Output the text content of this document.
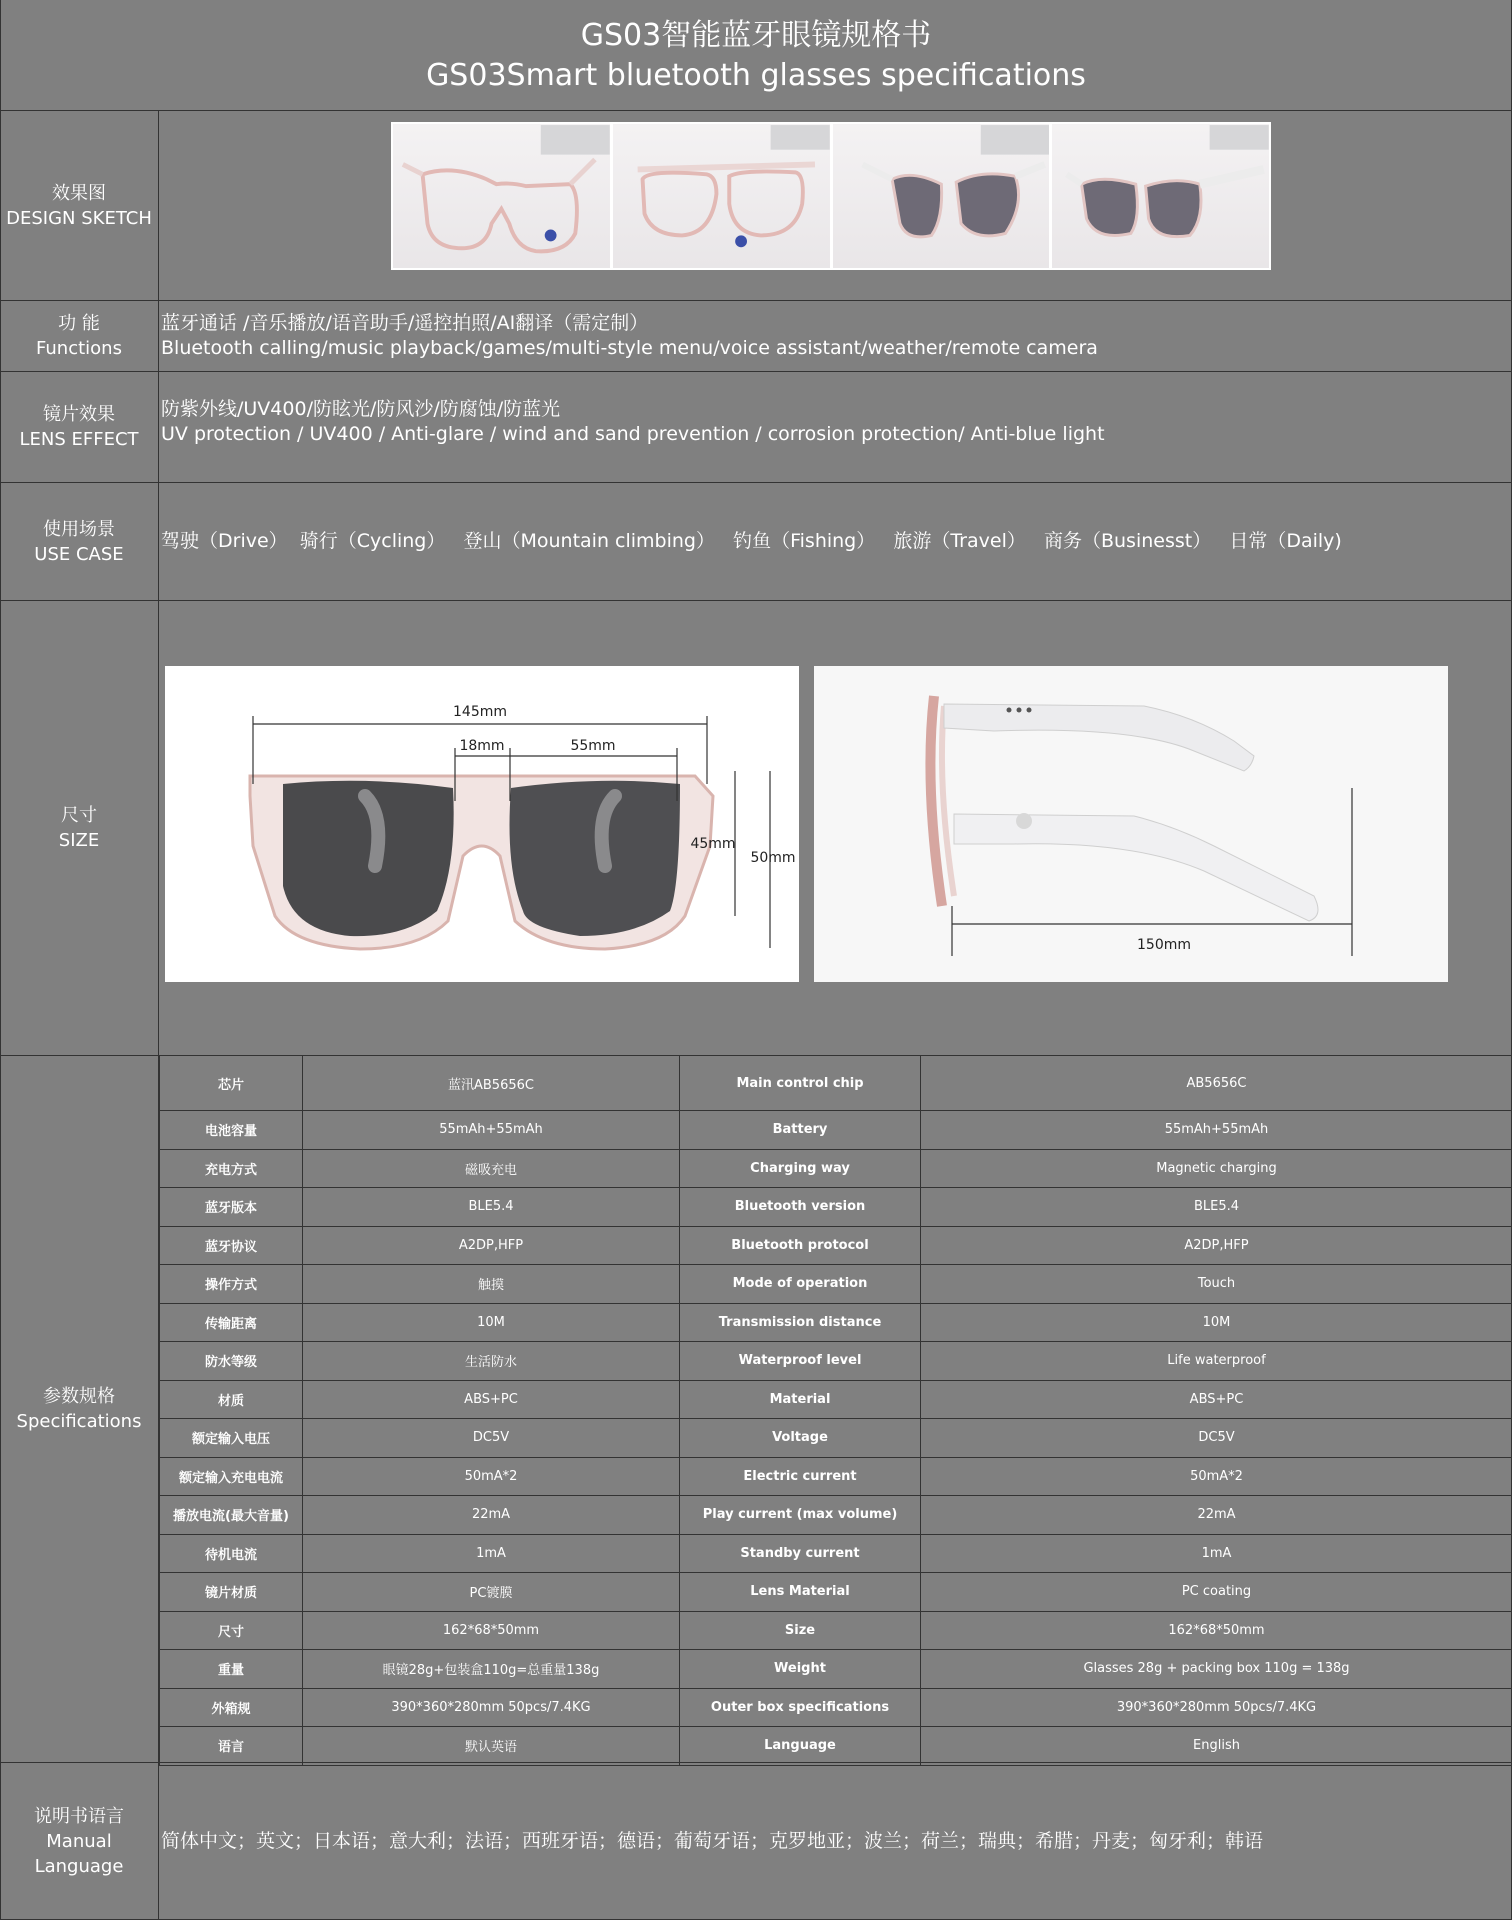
GS03智能蓝牙眼镜规格书
GS03Smart bluetooth glasses specifications
效果图
DESIGN SKETCH
功 能
Functions
蓝牙通话 /音乐播放/语音助手/遥控拍照/AI翻译（需定制）
Bluetooth calling/music playback/games/multi-style menu/voice assistant/weather/remote camera
镜片效果
LENS EFFECT
防紫外线/UV400/防眩光/防风沙/防腐蚀/防蓝光
UV protection / UV400 / Anti-glare / wind and sand prevention / corrosion protection/ Anti-blue light
使用场景
USE CASE
驾驶（Drive）  骑行（Cycling）   登山（Mountain climbing）   钓鱼（Fishing）   旅游（Travel）   商务（Businesst）   日常（Daily)
尺寸
SIZE
145mm
18mm	55mm
45mm
50mm
150mm
参数规格
Specifications
芯片	蓝汛AB5656C	Main control chip	AB5656C
电池容量	55mAh+55mAh	Battery	55mAh+55mAh
充电方式	磁吸充电	Charging way	Magnetic charging
蓝牙版本	BLE5.4	Bluetooth version	BLE5.4
蓝牙协议	A2DP,HFP	Bluetooth protocol	A2DP,HFP
操作方式	触摸	Mode of operation	Touch
传输距离	10M	Transmission distance	10M
防水等级	生活防水	Waterproof level	Life waterproof
材质	ABS+PC	Material	ABS+PC
额定输入电压	DC5V	Voltage	DC5V
额定输入充电电流	50mA*2	Electric current	50mA*2
播放电流(最大音量)	22mA	Play current (max volume)	22mA
待机电流	1mA	Standby current	1mA
镜片材质	PC镀膜	Lens Material	PC coating
尺寸	162*68*50mm	Size	162*68*50mm
重量	眼镜28g+包装盒110g=总重量138g	Weight	Glasses 28g + packing box 110g = 138g
外箱规	390*360*280mm 50pcs/7.4KG	Outer box specifications	390*360*280mm 50pcs/7.4KG
语言	默认英语	Language	English
说明书语言
Manual Language
简体中文；英文；日本语；意大利；法语；西班牙语；德语；葡萄牙语；克罗地亚；波兰；荷兰；瑞典；希腊；丹麦；匈牙利；韩语
